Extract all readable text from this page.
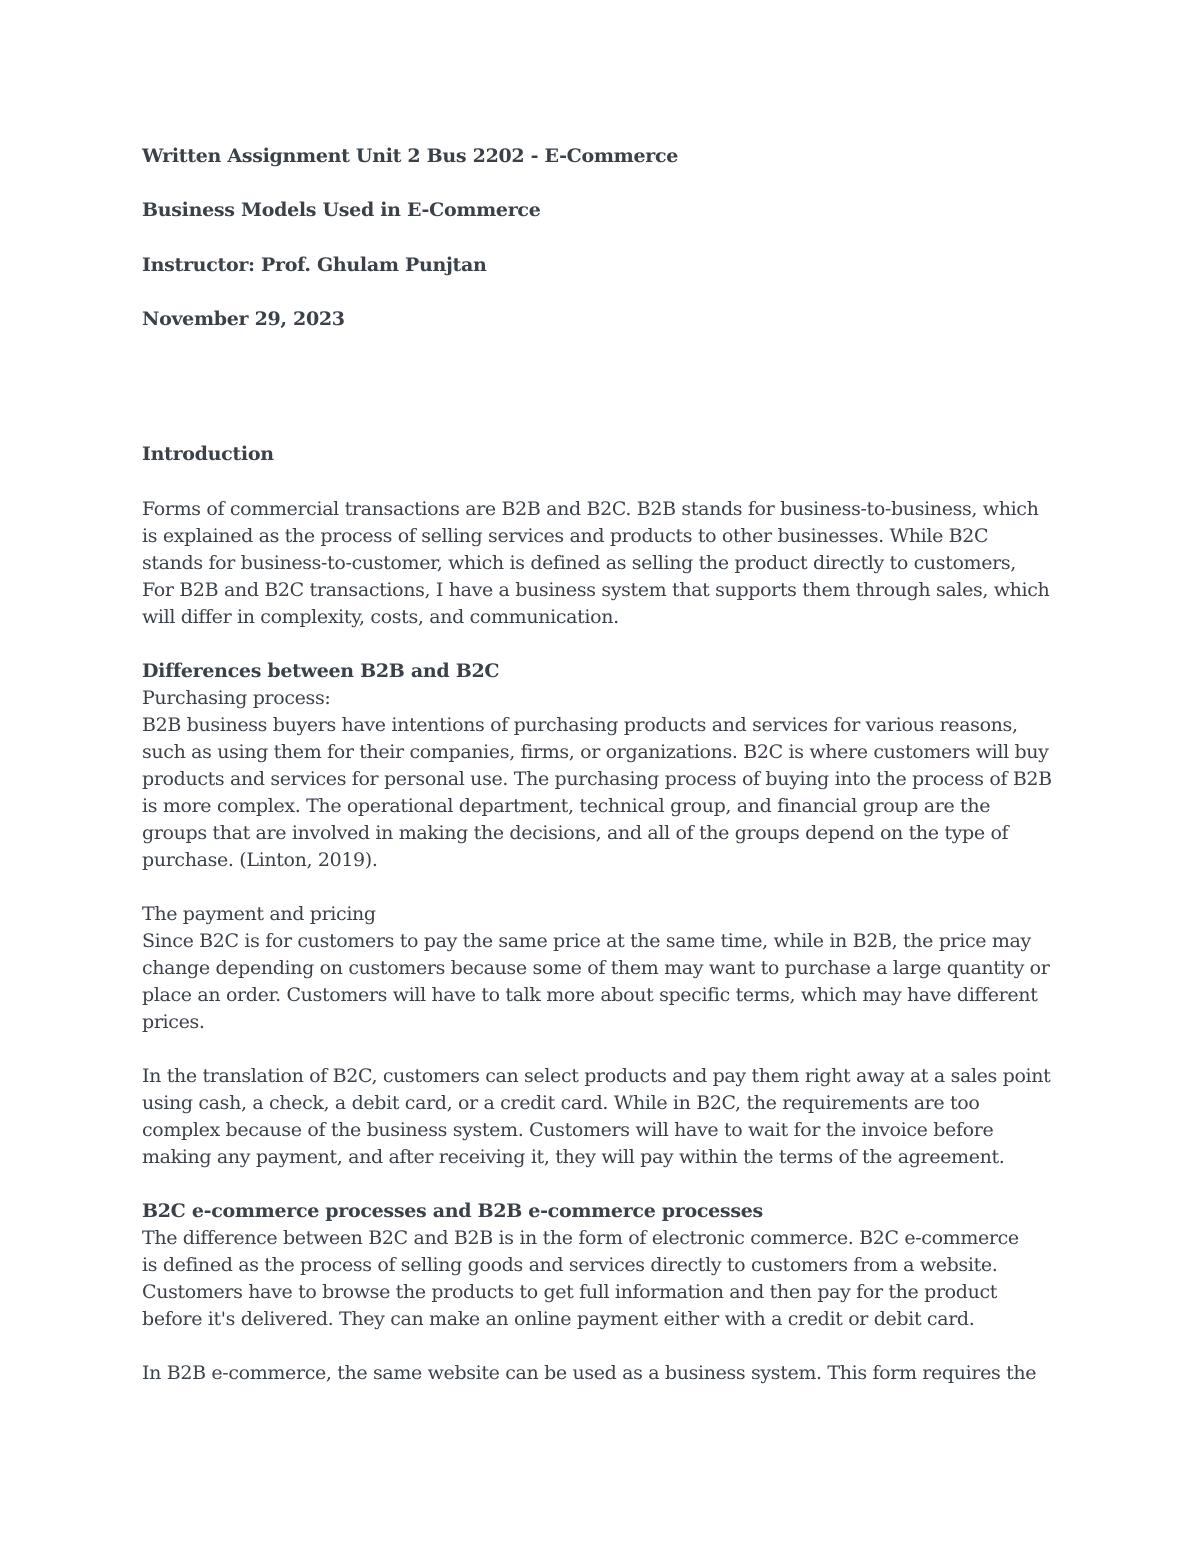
Written Assignment Unit 2 Bus 2202 - E-Commerce
Business Models Used in E-Commerce
Instructor: Prof. Ghulam Punjtan
November 29, 2023
Introduction
Forms of commercial transactions are B2B and B2C. B2B stands for business-to-business, which
is explained as the process of selling services and products to other businesses. While B2C
stands for business-to-customer, which is defined as selling the product directly to customers,
For B2B and B2C transactions, I have a business system that supports them through sales, which
will differ in complexity, costs, and communication.
Differences between B2B and B2C
Purchasing process:
B2B business buyers have intentions of purchasing products and services for various reasons,
such as using them for their companies, firms, or organizations. B2C is where customers will buy
products and services for personal use. The purchasing process of buying into the process of B2B
is more complex. The operational department, technical group, and financial group are the
groups that are involved in making the decisions, and all of the groups depend on the type of
purchase. (Linton, 2019).
The payment and pricing
Since B2C is for customers to pay the same price at the same time, while in B2B, the price may
change depending on customers because some of them may want to purchase a large quantity or
place an order. Customers will have to talk more about specific terms, which may have different
prices.
In the translation of B2C, customers can select products and pay them right away at a sales point
using cash, a check, a debit card, or a credit card. While in B2C, the requirements are too
complex because of the business system. Customers will have to wait for the invoice before
making any payment, and after receiving it, they will pay within the terms of the agreement.
B2C e-commerce processes and B2B e-commerce processes
The difference between B2C and B2B is in the form of electronic commerce. B2C e-commerce
is defined as the process of selling goods and services directly to customers from a website.
Customers have to browse the products to get full information and then pay for the product
before it's delivered. They can make an online payment either with a credit or debit card.
In B2B e-commerce, the same website can be used as a business system. This form requires the
